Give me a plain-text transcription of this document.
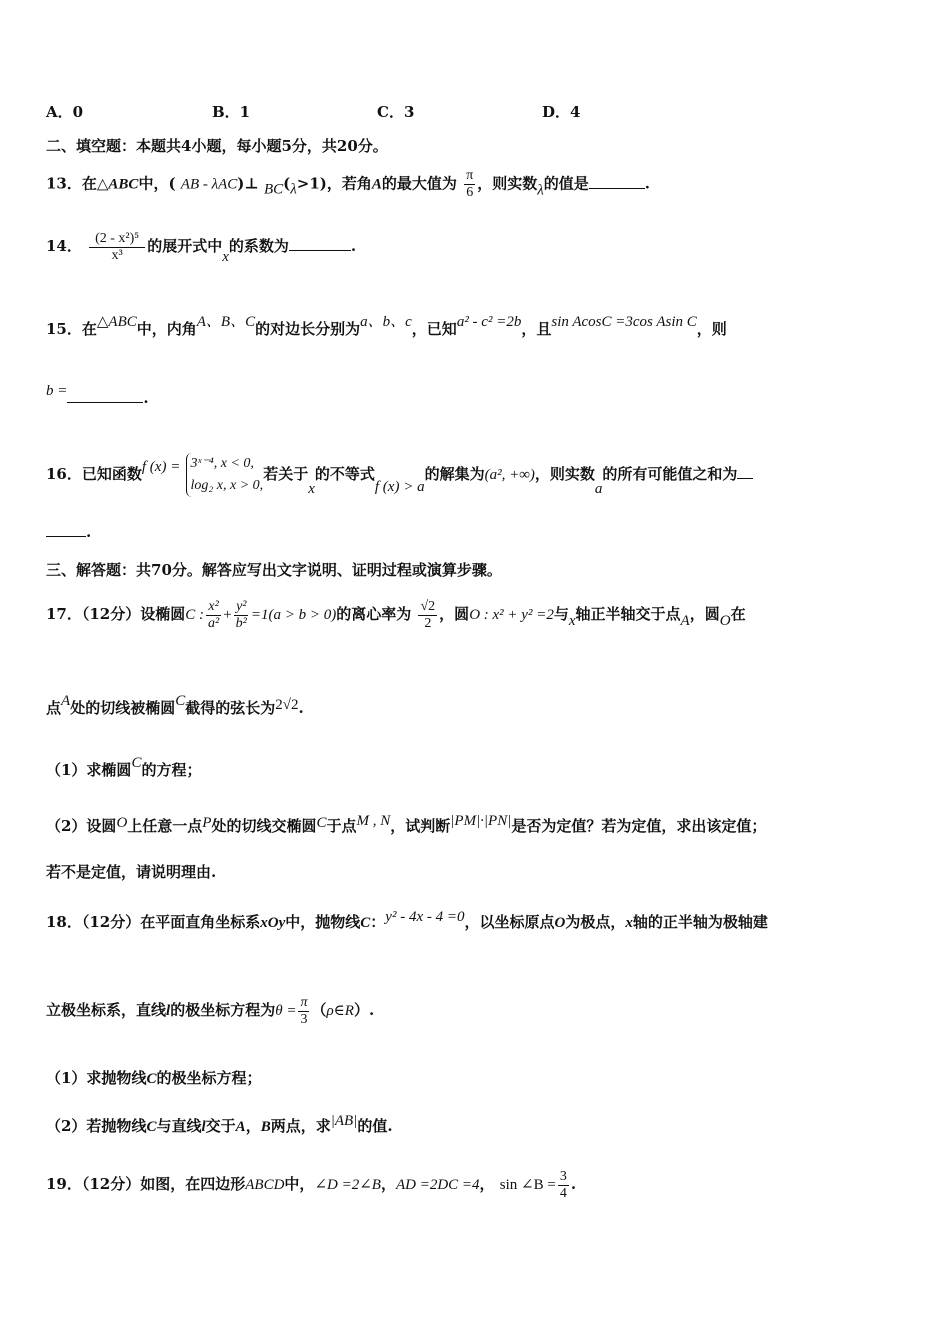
A．0	B．1	C．3	D．4
二、填空题：本题共4小题，每小题5分，共20分。
13．在△ABC中，( AB - λAC)⊥ BC(λ>1)，若角A的最大值为 $\frac{\pi}{6}$ ，则实数λ的值是	.
14． $\frac{\text{(2 - x²)⁵}}{\text{x³}}$ 的展开式中x的系数为	.
15．在△ABC中，内角A、B、C的对边长分别为a、b、c，已知a² - c² =2b，且sin AcosC =3cos Asin C，则
b =	.
16．已知函数f (x) = 3ˣ⁻⁴, x < 0,
log₂ x, x > 0,
若关于x的不等式f (x) > a的解集为(a², +∞)，则实数a的所有可能值之和为
.
三、解答题：共70分。解答应写出文字说明、证明过程或演算步骤。
17．（12分）设椭圆C : $\frac{\text{x²}}{\text{a²}} + \frac{\text{y²}}{\text{b²}} =1(a > b > 0)$的离心率为 $\frac{√2}{2}$ ，圆O : x² + y² =2与x轴正半轴交于点A，圆O在
点A处的切线被椭圆C截得的弦长为2√2.
（1）求椭圆C的方程；
（2）设圆O上任意一点P处的切线交椭圆C于点M , N，试判断|PM|·|PN|是否为定值？若为定值，求出该定值；
若不是定值，请说明理由.
18．（12分）在平面直角坐标系xOy中，抛物线C：y² - 4x - 4 =0，以坐标原点O为极点，x轴的正半轴为极轴建
立极坐标系，直线l的极坐标方程为$\theta = \frac{\pi}{3}$ （ρ∈R）.
（1）求抛物线C的极坐标方程；
（2）若抛物线C与直线l交于A，B两点，求|AB|的值.
19．（12分）如图，在四边形ABCD中，∠D =2∠B，AD =2DC =4， sin ∠B = $\frac{3}{4}$ .
